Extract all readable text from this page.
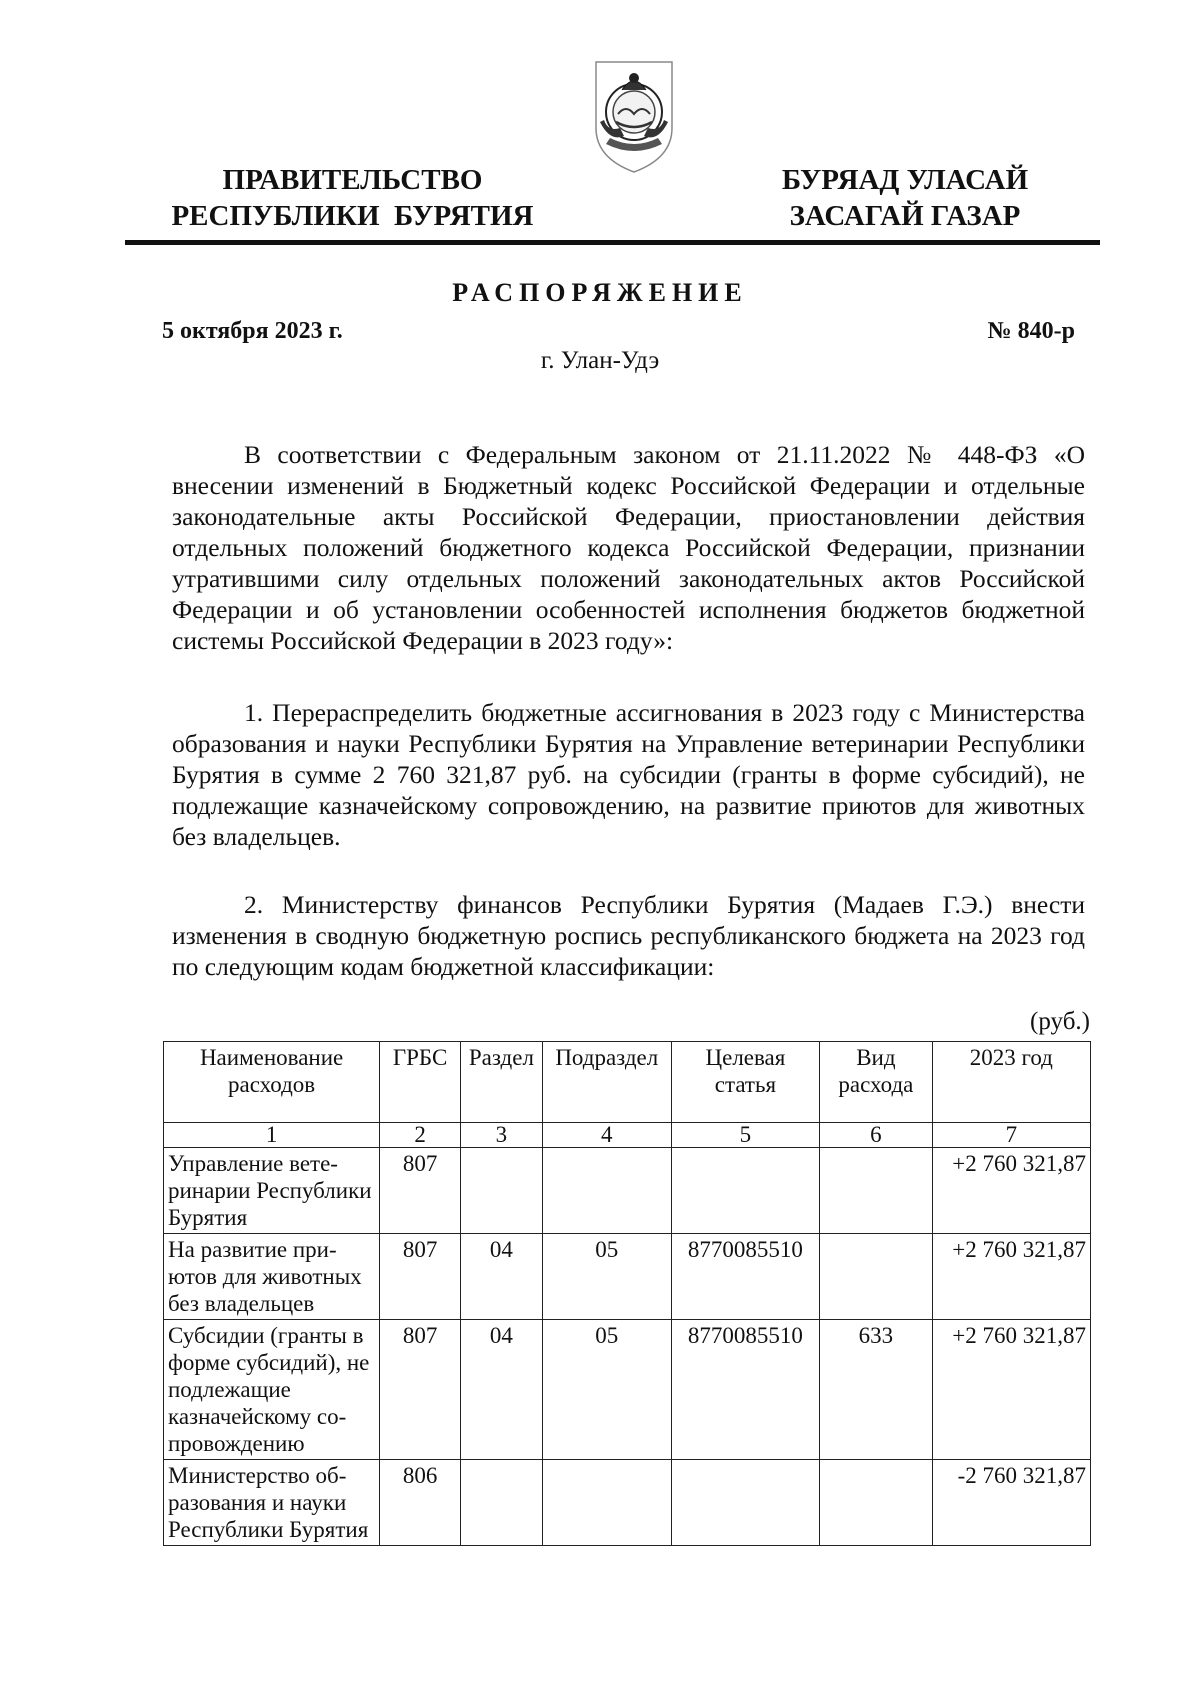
ПРАВИТЕЛЬСТВО
РЕСПУБЛИКИ  БУРЯТИЯ
БУРЯАД УЛАСАЙ
ЗАСАГАЙ ГАЗАР
РАСПОРЯЖЕНИЕ
5 октября 2023 г.	№ 840-р
г. Улан-Удэ

В соответствии с Федеральным законом от 21.11.2022 № 448-ФЗ «О внесении изменений в Бюджетный кодекс Российской Федерации и отдельные законодательные акты Российской Федерации, приостановлении действия отдельных положений бюджетного кодекса Российской Федерации, признании утратившими силу отдельных положений законодательных актов Российской Федерации и об установлении особенностей исполнения бюджетов бюджетной системы Российской Федерации в 2023 году»:

1. Перераспределить бюджетные ассигнования в 2023 году с Министерства образования и науки Республики Бурятия на Управление ветеринарии Республики Бурятия в сумме 2 760 321,87 руб. на субсидии (гранты в форме субсидий), не подлежащие казначейскому сопровождению, на развитие приютов для животных без владельцев.

2. Министерству финансов Республики Бурятия (Мадаев Г.Э.) внести изменения в сводную бюджетную роспись республиканского бюджета на 2023 год по следующим кодам бюджетной классификации:

(руб.)
Наименование расходов	ГРБС	Раздел	Подраздел	Целевая статья	Вид расхода	2023 год
1	2	3	4	5	6	7
Управление ветеринарии Республики Бурятия	807					+2 760 321,87
На развитие приютов для животных без владельцев	807	04	05	8770085510		+2 760 321,87
Субсидии (гранты в форме субсидий), не подлежащие казначейскому сопровождению	807	04	05	8770085510	633	+2 760 321,87
Министерство образования и науки Республики Бурятия	806					-2 760 321,87
